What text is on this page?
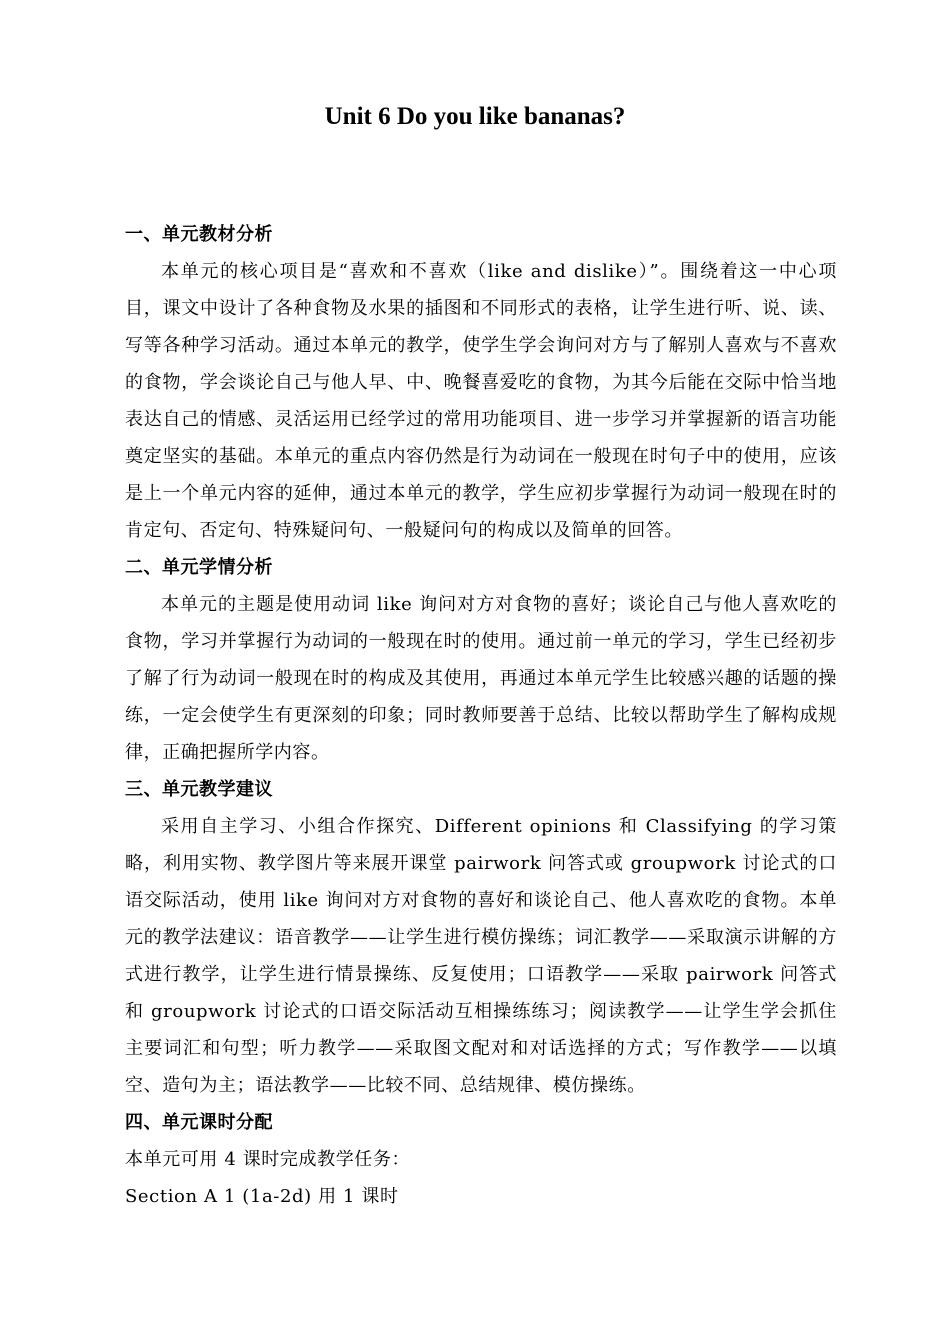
Unit 6 Do you like bananas?
一、单元教材分析

本单元的核心项目是“喜欢和不喜欢（like and dislike）”。围绕着这一中心项目，课文中设计了各种食物及水果的插图和不同形式的表格，让学生进行听、说、读、写等各种学习活动。通过本单元的教学，使学生学会询问对方与了解别人喜欢与不喜欢的食物，学会谈论自己与他人早、中、晚餐喜爱吃的食物，为其今后能在交际中恰当地表达自己的情感、灵活运用已经学过的常用功能项目、进一步学习并掌握新的语言功能奠定坚实的基础。本单元的重点内容仍然是行为动词在一般现在时句子中的使用，应该是上一个单元内容的延伸，通过本单元的教学，学生应初步掌握行为动词一般现在时的肯定句、否定句、特殊疑问句、一般疑问句的构成以及简单的回答。

二、单元学情分析

本单元的主题是使用动词 like 询问对方对食物的喜好；谈论自己与他人喜欢吃的食物，学习并掌握行为动词的一般现在时的使用。通过前一单元的学习，学生已经初步了解了行为动词一般现在时的构成及其使用，再通过本单元学生比较感兴趣的话题的操练，一定会使学生有更深刻的印象；同时教师要善于总结、比较以帮助学生了解构成规律，正确把握所学内容。

三、单元教学建议

采用自主学习、小组合作探究、Different opinions 和 Classifying 的学习策略，利用实物、教学图片等来展开课堂 pairwork 问答式或 groupwork 讨论式的口语交际活动，使用 like 询问对方对食物的喜好和谈论自己、他人喜欢吃的食物。本单元的教学法建议：语音教学——让学生进行模仿操练；词汇教学——采取演示讲解的方式进行教学，让学生进行情景操练、反复使用；口语教学——采取 pairwork 问答式和 groupwork 讨论式的口语交际活动互相操练练习；阅读教学——让学生学会抓住主要词汇和句型；听力教学——采取图文配对和对话选择的方式；写作教学——以填空、造句为主；语法教学——比较不同、总结规律、模仿操练。

四、单元课时分配

本单元可用 4 课时完成教学任务：

Section A 1 (1a-2d) 用 1 课时
